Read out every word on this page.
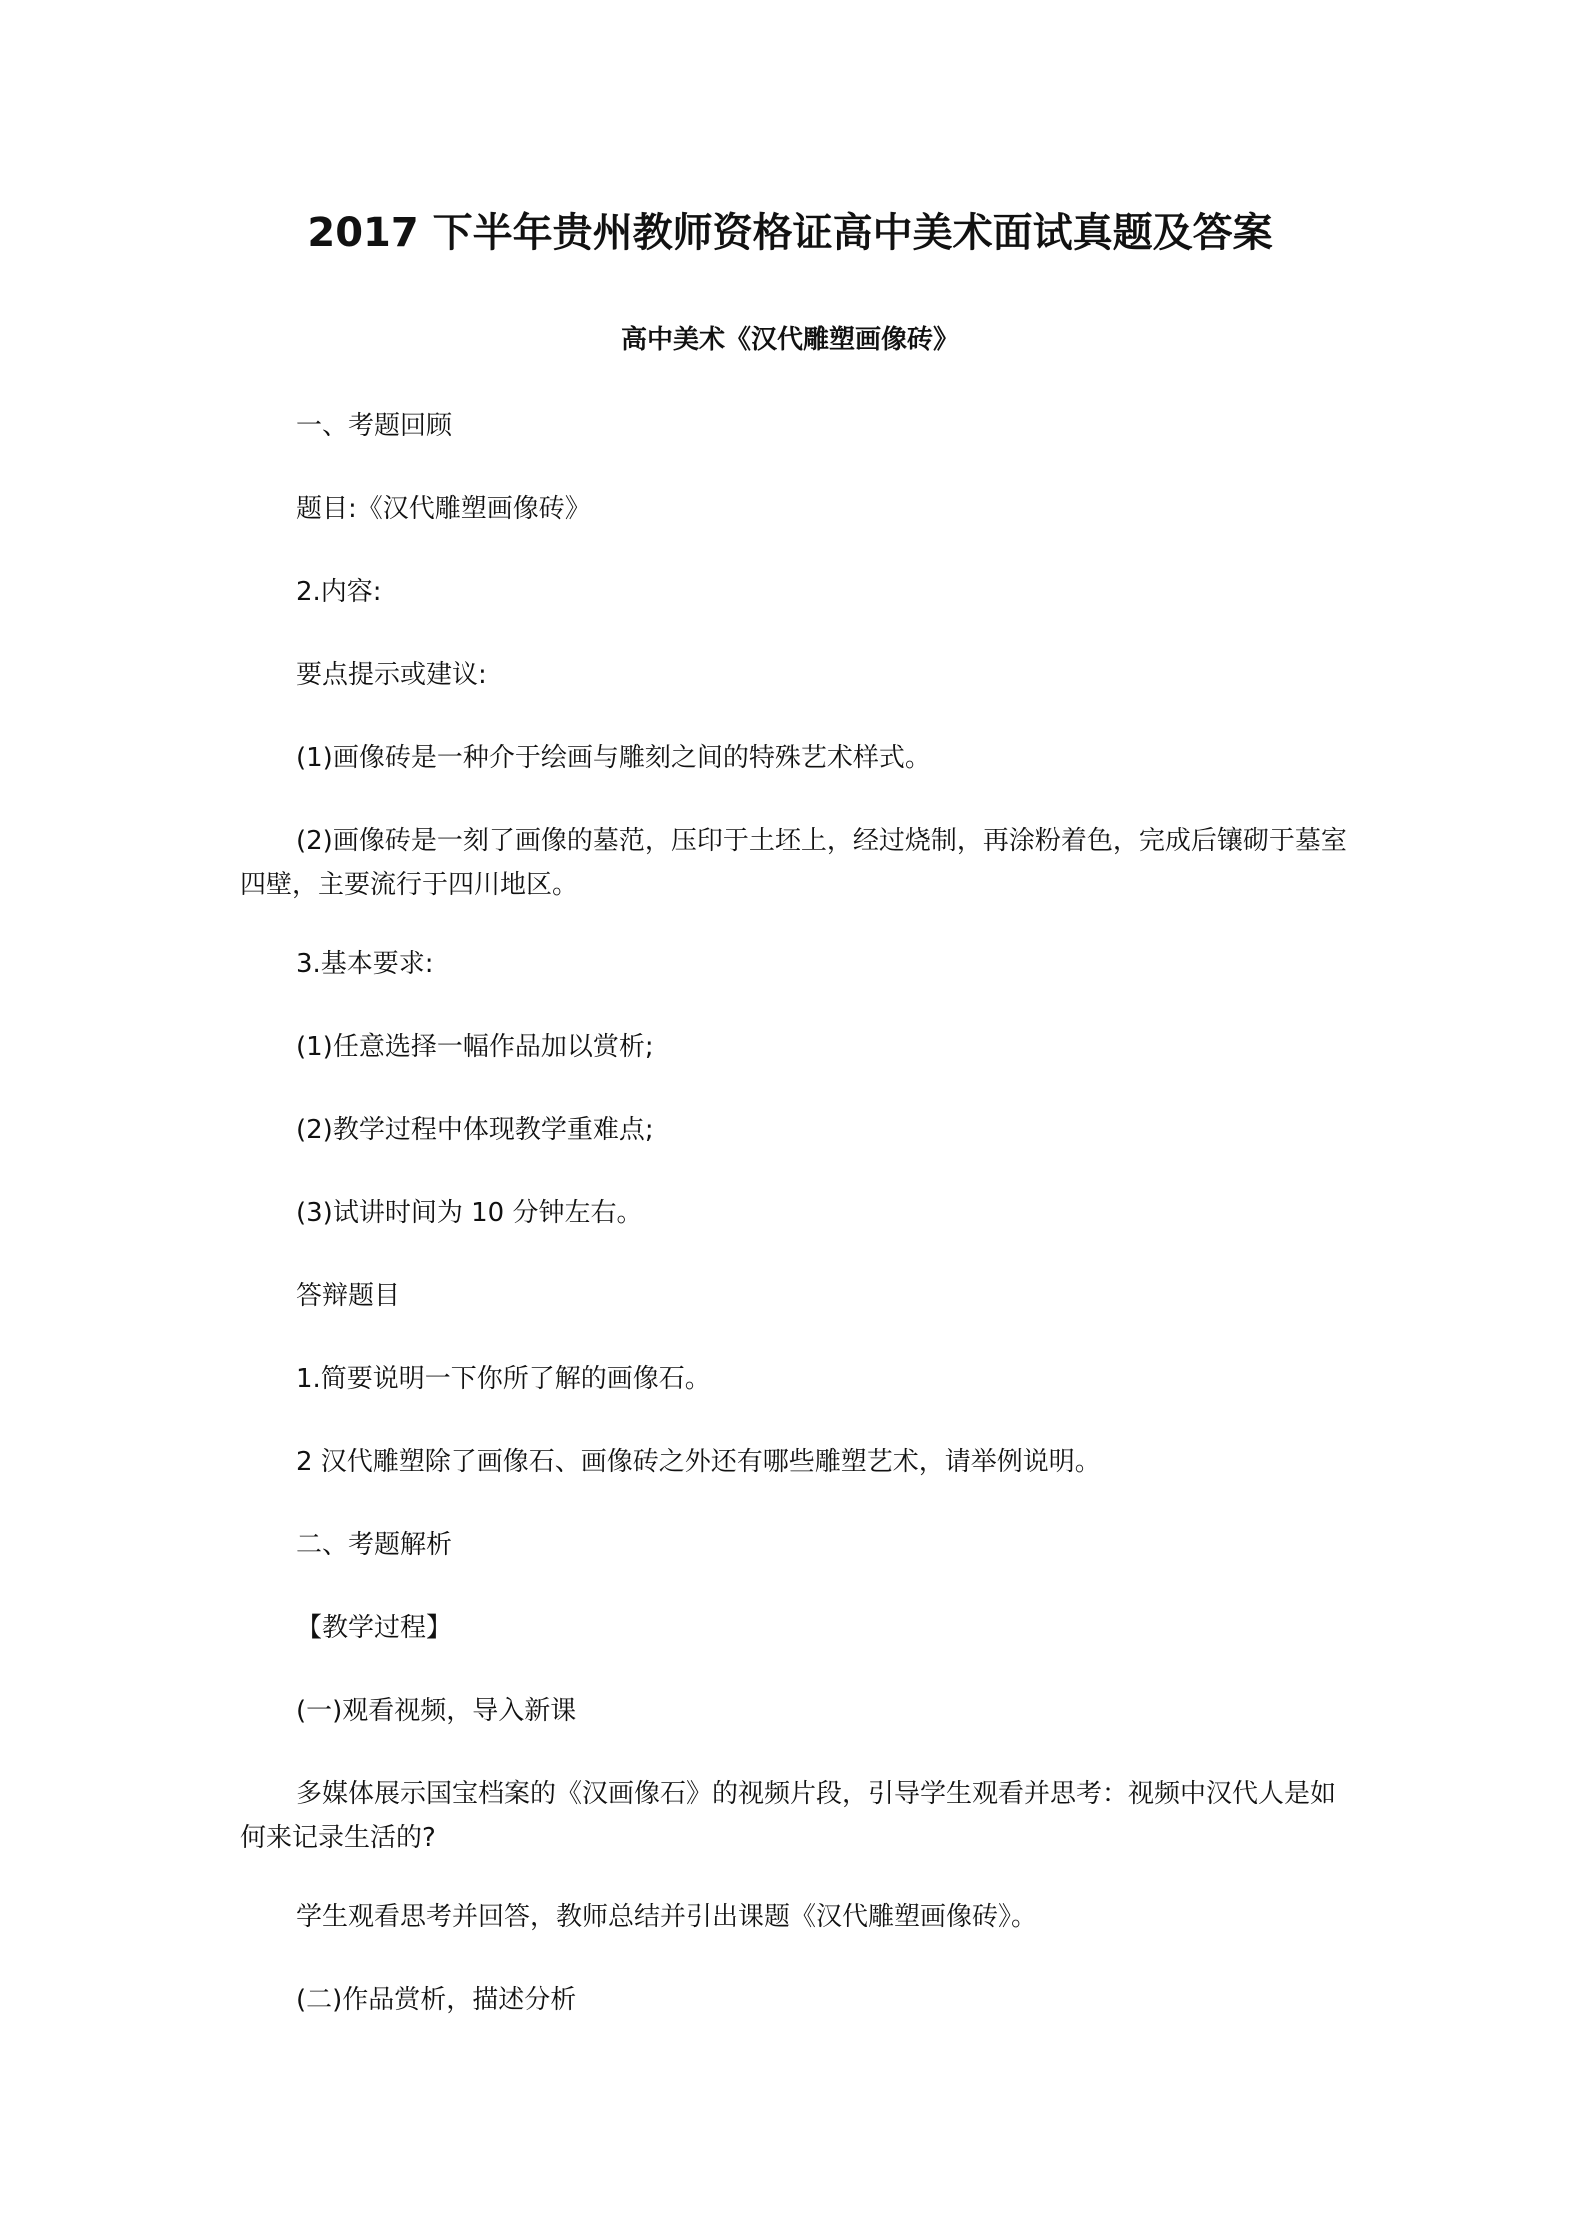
2017 下半年贵州教师资格证高中美术面试真题及答案
高中美术《汉代雕塑画像砖》

一、考题回顾

题目:《汉代雕塑画像砖》

2.内容:

要点提示或建议:

(1)画像砖是一种介于绘画与雕刻之间的特殊艺术样式。

(2)画像砖是一刻了画像的墓范，压印于土坯上，经过烧制，再涂粉着色，完成后镶砌于墓室四壁，主要流行于四川地区。

3.基本要求:

(1)任意选择一幅作品加以赏析;

(2)教学过程中体现教学重难点;

(3)试讲时间为 10 分钟左右。

答辩题目

1.简要说明一下你所了解的画像石。

2 汉代雕塑除了画像石、画像砖之外还有哪些雕塑艺术，请举例说明。

二、考题解析

【教学过程】

(一)观看视频，导入新课

多媒体展示国宝档案的《汉画像石》的视频片段，引导学生观看并思考：视频中汉代人是如何来记录生活的?

学生观看思考并回答，教师总结并引出课题《汉代雕塑画像砖》。

(二)作品赏析，描述分析
